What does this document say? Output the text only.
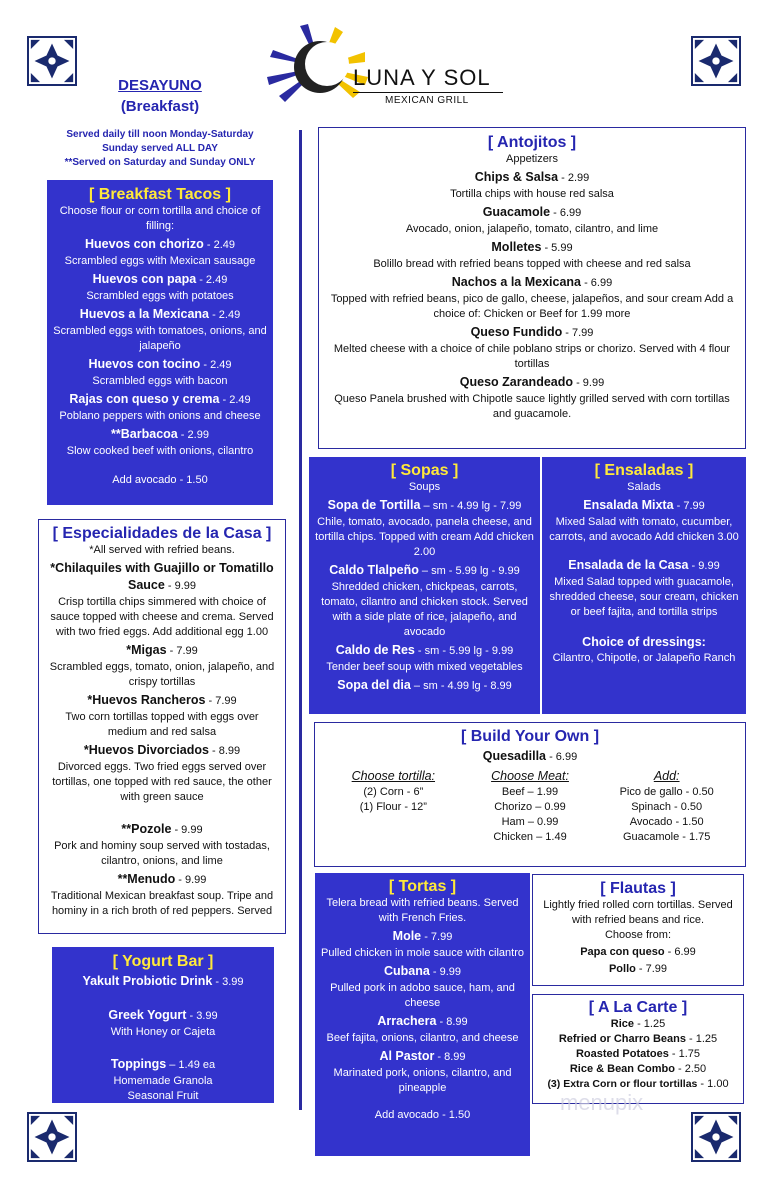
LUNA Y SOL
MEXICAN GRILL
DESAYUNO
(Breakfast)
Served daily till noon Monday-Saturday
Sunday served ALL DAY
**Served on Saturday and Sunday ONLY
[ Breakfast Tacos ]
Choose flour or corn tortilla and choice of filling:
Huevos con chorizo - 2.49
Scrambled eggs with Mexican sausage
Huevos con papa - 2.49
Scrambled eggs with potatoes
Huevos a la Mexicana - 2.49
Scrambled eggs with tomatoes, onions, and jalapeño
Huevos con tocino - 2.49
Scrambled eggs with bacon
Rajas con queso y crema - 2.49
Poblano peppers with onions and cheese
**Barbacoa - 2.99
Slow cooked beef with onions, cilantro
Add avocado - 1.50
[ Especialidades de la Casa ]
*All served with refried beans.
*Chilaquiles with Guajillo or Tomatillo Sauce - 9.99
Crisp tortilla chips simmered with choice of sauce topped with cheese and crema. Served with two fried eggs. Add additional egg 1.00
*Migas - 7.99
Scrambled eggs, tomato, onion, jalapeño, and crispy tortillas
*Huevos Rancheros - 7.99
Two corn tortillas topped with eggs over medium and red salsa
*Huevos Divorciados - 8.99
Divorced eggs. Two fried eggs served over tortillas, one topped with red sauce, the other with green sauce
**Pozole - 9.99
Pork and hominy soup served with tostadas, cilantro, onions, and lime
**Menudo - 9.99
Traditional Mexican breakfast soup. Tripe and hominy in a rich broth of red peppers. Served
[ Yogurt Bar ]
Yakult Probiotic Drink - 3.99
Greek Yogurt - 3.99
With Honey or Cajeta
Toppings – 1.49 ea
Homemade Granola
Seasonal Fruit
[ Antojitos ]
Appetizers
Chips & Salsa - 2.99
Tortilla chips with house red salsa
Guacamole - 6.99
Avocado, onion, jalapeño, tomato, cilantro, and lime
Molletes - 5.99
Bolillo bread with refried beans topped with cheese and red salsa
Nachos a la Mexicana - 6.99
Topped with refried beans, pico de gallo, cheese, jalapeños, and sour cream Add a choice of: Chicken or Beef for 1.99 more
Queso Fundido - 7.99
Melted cheese with a choice of chile poblano strips or chorizo. Served with 4 flour tortillas
Queso Zarandeado - 9.99
Queso Panela brushed with Chipotle sauce lightly grilled served with corn tortillas and guacamole.
[ Sopas ]
Soups
Sopa de Tortilla – sm - 4.99 lg - 7.99
Chile, tomato, avocado, panela cheese, and tortilla chips. Topped with cream Add chicken 2.00
Caldo Tlalpeño – sm - 5.99 lg - 9.99
Shredded chicken, chickpeas, carrots, tomato, cilantro and chicken stock. Served with a side plate of rice, jalapeño, and avocado
Caldo de Res - sm - 5.99 lg - 9.99
Tender beef soup with mixed vegetables
Sopa del dia – sm - 4.99 lg - 8.99
[ Ensaladas ]
Salads
Ensalada Mixta - 7.99
Mixed Salad with tomato, cucumber, carrots, and avocado Add chicken 3.00
Ensalada de la Casa - 9.99
Mixed Salad topped with guacamole, shredded cheese, sour cream, chicken or beef fajita, and tortilla strips
Choice of dressings:
Cilantro, Chipotle, or Jalapeño Ranch
[ Build Your Own ]
Quesadilla - 6.99
Choose tortilla:
(2) Corn - 6”
(1) Flour - 12”
Choose Meat:
Beef – 1.99
Chorizo – 0.99
Ham – 0.99
Chicken – 1.49
Add:
Pico de gallo - 0.50
Spinach - 0.50
Avocado - 1.50
Guacamole - 1.75
[ Tortas ]
Telera bread with refried beans. Served with French Fries.
Mole - 7.99
Pulled chicken in mole sauce with cilantro
Cubana - 9.99
Pulled pork in adobo sauce, ham, and cheese
Arrachera - 8.99
Beef fajita, onions, cilantro, and cheese
Al Pastor - 8.99
Marinated pork, onions, cilantro, and pineapple
Add avocado - 1.50
[ Flautas ]
Lightly fried rolled corn tortillas. Served with refried beans and rice.
Choose from:
Papa con queso - 6.99
Pollo - 7.99
[ A La Carte ]
Rice - 1.25
Refried or Charro Beans - 1.25
Roasted Potatoes - 1.75
Rice & Bean Combo - 2.50
(3) Extra Corn or flour tortillas - 1.00
menupix
